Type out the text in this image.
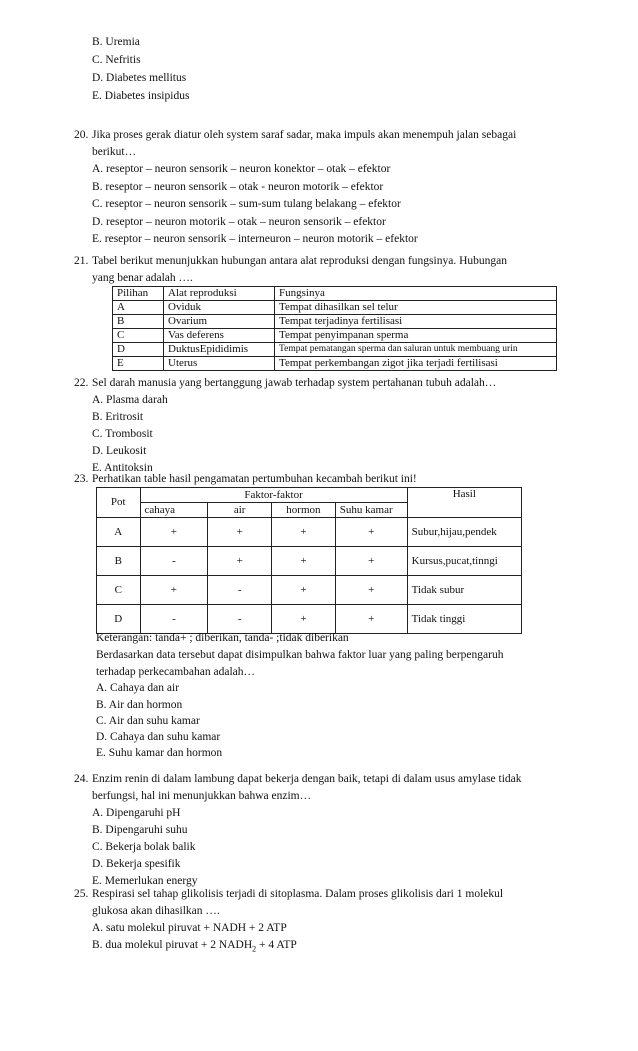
B. Uremia
C. Nefritis
D. Diabetes mellitus
E. Diabetes insipidus
20. Jika proses gerak diatur oleh system saraf sadar, maka impuls akan menempuh jalan sebagai
berikut…
A. reseptor – neuron sensorik – neuron konektor – otak – efektor
B. reseptor – neuron sensorik – otak - neuron motorik – efektor
C. reseptor – neuron sensorik – sum-sum tulang belakang – efektor
D. reseptor – neuron motorik – otak – neuron sensorik – efektor
E. reseptor – neuron sensorik – interneuron – neuron motorik – efektor
21. Tabel berikut menunjukkan hubungan antara alat reproduksi dengan fungsinya. Hubungan
yang benar adalah ….
Pilihan	Alat reproduksi	Fungsinya
A	Oviduk	Tempat dihasilkan sel telur
B	Ovarium	Tempat terjadinya fertilisasi
C	Vas deferens	Tempat penyimpanan sperma
D	DuktusEpididimis	Tempat pematangan sperma dan saluran untuk membuang urin
E	Uterus	Tempat perkembangan zigot jika terjadi fertilisasi
22. Sel darah manusia yang bertanggung jawab terhadap system pertahanan tubuh adalah…
A. Plasma darah
B. Eritrosit
C. Trombosit
D. Leukosit
E. Antitoksin
23. Perhatikan table hasil pengamatan pertumbuhan kecambah berikut ini!
Pot	Faktor-faktor				Hasil
	cahaya	air	hormon	Suhu kamar	
A	+	+	+	+	Subur,hijau,pendek
B	-	+	+	+	Kursus,pucat,tinngi
C	+	-	+	+	Tidak subur
D	-	-	+	+	Tidak tinggi
Keterangan: tanda+ ; diberikan, tanda- ;tidak diberikan
Berdasarkan data tersebut dapat disimpulkan bahwa faktor luar yang paling berpengaruh
terhadap perkecambahan adalah…
A. Cahaya dan air
B. Air dan hormon
C. Air dan suhu kamar
D. Cahaya dan suhu kamar
E. Suhu kamar dan hormon
24. Enzim renin di dalam lambung dapat bekerja dengan baik, tetapi di dalam usus amylase tidak
berfungsi, hal ini menunjukkan bahwa enzim…
A. Dipengaruhi pH
B. Dipengaruhi suhu
C. Bekerja bolak balik
D. Bekerja spesifik
E. Memerlukan energy
25. Respirasi sel tahap glikolisis terjadi di sitoplasma. Dalam proses glikolisis dari 1 molekul
glukosa akan dihasilkan ….
A. satu molekul piruvat + NADH + 2 ATP
B. dua molekul piruvat + 2 $NADH_2 + 4$ ATP
